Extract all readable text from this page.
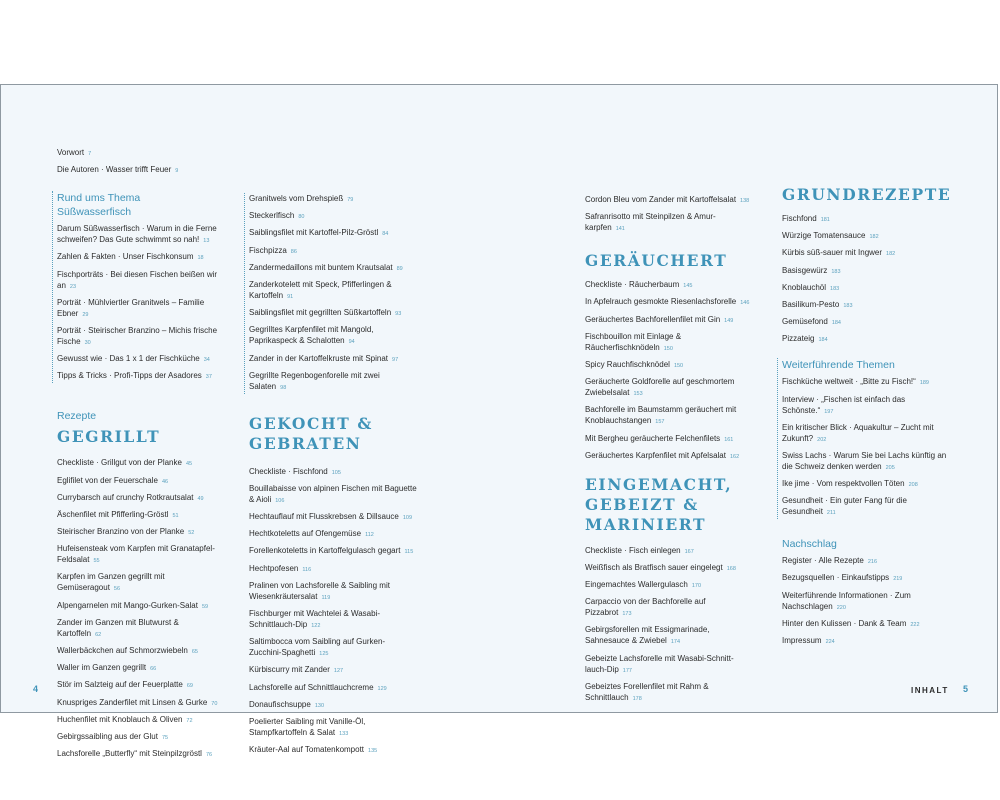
Vorwort 7
Die Autoren · Wasser trifft Feuer 9
Rund ums Thema Süßwasserfisch
Darum Süßwasserfisch · Warum in die Ferne schweifen? Das Gute schwimmt so nah! 13
Zahlen & Fakten · Unser Fischkonsum 18
Fischporträts · Bei diesen Fischen beißen wir an 23
Porträt · Mühlviertler Granitwels – Familie Ebner 29
Porträt · Steirischer Branzino – Michis frische Fische 30
Gewusst wie · Das 1 x 1 der Fischküche 34
Tipps & Tricks · Profi-Tipps der Asadores 37
Rezepte
GEGRILLT
Checkliste · Grillgut von der Planke 45
Eglifilet von der Feuerschale 46
Currybarsch auf crunchy Rotkrautsalat 49
Äschenfilet mit Pfifferling-Gröstl 51
Steirischer Branzino von der Planke 52
Hufeisensteak vom Karpfen mit Granatapfel-Feldsalat 55
Karpfen im Ganzen gegrillt mit Gemüseragout 56
Alpengarnelen mit Mango-Gurken-Salat 59
Zander im Ganzen mit Blutwurst & Kartoffeln 62
Wallerbäckchen auf Schmorzwiebeln 65
Waller im Ganzen gegrillt 66
Stör im Salzteig auf der Feuerplatte 69
Knuspriges Zanderfilet mit Linsen & Gurke 70
Huchenfilet mit Knoblauch & Oliven 72
Gebirgssaibling aus der Glut 75
Lachsforelle „Butterfly“ mit Steinpilzgröstl 76
Granitwels vom Drehspieß 79
Steckerlfisch 80
Saiblingsfilet mit Kartoffel-Pilz-Gröstl 84
Fischpizza 86
Zandermedaillons mit buntem Krautsalat 89
Zanderkotelett mit Speck, Pfifferlingen & Kartoffeln 91
Saiblingsfilet mit gegrillten Süßkartoffeln 93
Gegrilltes Karpfenfilet mit Mangold, Paprikaspeck & Schalotten 94
Zander in der Kartoffelkruste mit Spinat 97
Gegrillte Regenbogenforelle mit zwei Salaten 98
GEKOCHT &
GEBRATEN
Checkliste · Fischfond 105
Bouillabaisse von alpinen Fischen mit Baguette & Aioli 106
Hechtauflauf mit Flusskrebsen & Dillsauce 109
Hechtkoteletts auf Ofengemüse 112
Forellenkoteletts in Kartoffelgulasch gegart 115
Hechtpofesen 116
Pralinen von Lachsforelle & Saibling mit Wiesenkräutersalat 119
Fischburger mit Wachtelei & Wasabi-Schnittlauch-Dip 122
Saltimbocca vom Saibling auf Gurken-Zucchini-Spaghetti 125
Kürbiscurry mit Zander 127
Lachsforelle auf Schnittlauchcreme 129
Donaufischsuppe 130
Poelierter Saibling mit Vanille-Öl, Stampfkartoffeln & Salat 133
Kräuter-Aal auf Tomatenkompott 135
Cordon Bleu vom Zander mit Kartoffelsalat 138
Safranrisotto mit Steinpilzen & Amur-karpfen 141
GERÄUCHERT
Checkliste · Räucherbaum 145
In Apfelrauch gesmokte Riesenlachsforelle 146
Geräuchertes Bachforellenfilet mit Gin 149
Fischbouillon mit Einlage & Räucherfischknödeln 150
Spicy Rauchfischknödel 150
Geräucherte Goldforelle auf geschmortem Zwiebelsalat 153
Bachforelle im Baumstamm geräuchert mit Knoblauchstangen 157
Mit Bergheu geräucherte Felchenfilets 161
Geräuchertes Karpfenfilet mit Apfelsalat 162
EINGEMACHT,
GEBEIZT &
MARINIERT
Checkliste · Fisch einlegen 167
Weißfisch als Bratfisch sauer eingelegt 168
Eingemachtes Wallergulasch 170
Carpaccio von der Bachforelle auf Pizzabrot 173
Gebirgsforellen mit Essigmarinade, Sahnesauce & Zwiebel 174
Gebeizte Lachsforelle mit Wasabi-Schnitt-lauch-Dip 177
Gebeiztes Forellenfilet mit Rahm & Schnittlauch 178
GRUNDREZEPTE
Fischfond 181
Würzige Tomatensauce 182
Kürbis süß-sauer mit Ingwer 182
Basisgewürz 183
Knoblauchöl 183
Basilikum-Pesto 183
Gemüsefond 184
Pizzateig 184
Weiterführende Themen
Fischküche weltweit · „Bitte zu Fisch!“ 189
Interview · „Fischen ist einfach das Schönste.“ 197
Ein kritischer Blick · Aquakultur – Zucht mit Zukunft? 202
Swiss Lachs · Warum Sie bei Lachs künftig an die Schweiz denken werden 205
Ike jime · Vom respektvollen Töten 208
Gesundheit · Ein guter Fang für die Gesundheit 211
Nachschlag
Register · Alle Rezepte 216
Bezugsquellen · Einkaufstipps 219
Weiterführende Informationen · Zum Nachschlagen 220
Hinter den Kulissen · Dank & Team 222
Impressum 224
4	INHALT 5
